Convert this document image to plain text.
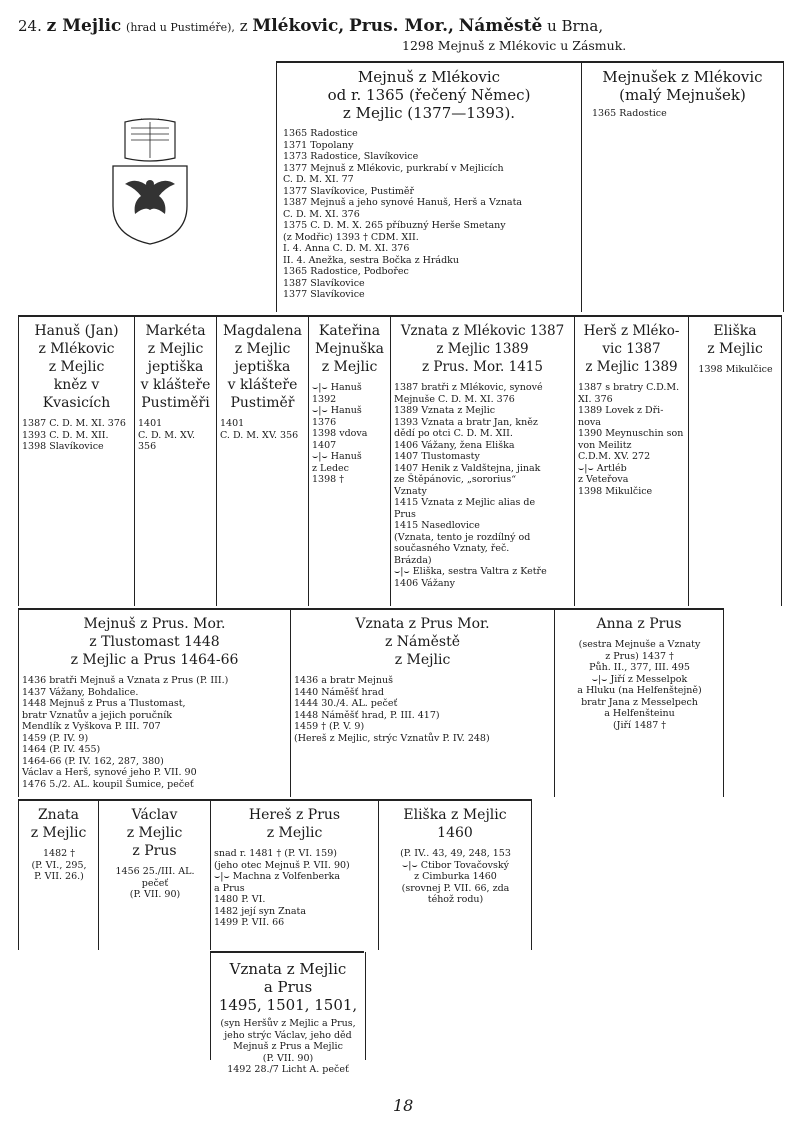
24. z Mejlic (hrad u Pustiméře), z Mlékovic, Prus. Mor., Náměstě u Brna,
1298 Mejnuš z Mlékovic u Zásmuk.
Mejnuš z Mlékovic
od r. 1365 (řečený Němec)
z Mejlic (1377—1393).
1365 Radostice
1371 Topolany
1373 Radostice, Slavíkovice
1377 Mejnuš z Mlékovic, purkrabí v Mejlicích
C. D. M. XI. 77
1377 Slavíkovice, Pustiměř
1387 Mejnuš a jeho synové Hanuš, Herš a Vznata
C. D. M. XI. 376
1375 C. D. M. X. 265 příbuzný Herše Smetany
(z Modřic) 1393 † CDM. XII.
I. 4. Anna C. D. M. XI. 376
II. 4. Anežka, sestra Bočka z Hrádku
1365 Radostice, Podbořec
1387 Slavíkovice
1377 Slavíkovice
Mejnušek z Mlékovic
(malý Mejnušek)
1365 Radostice
Hanuš (Jan)
z Mlékovic
z Mejlic
kněz v Kvasicích
1387 C. D. M. XI. 376
1393 C. D. M. XII.
1398 Slavíkovice
Markéta
z Mejlic
jeptiška
v klášteře
Pustiměři
1401
C. D. M. XV.
356
Magdalena
z Mejlic
jeptiška
v klášteře
Pustiměř
1401
C. D. M. XV. 356
Kateřina
Mejnuška
z Mejlic
⌣|⌣ Hanuš
1392
⌣|⌣ Hanuš
1376
1398 vdova
1407
⌣|⌣ Hanuš
z Ledec
1398 †
Vznata z Mlékovic 1387
z Mejlic 1389
z Prus. Mor. 1415
1387 bratři z Mlékovic, synové
Mejnuše C. D. M. XI. 376
1389 Vznata z Mejlic
1393 Vznata a bratr Jan, kněz
dědí po otci C. D. M. XII.
1406 Vážany, žena Eliška
1407 Tlustomasty
1407 Henik z Valdštejna, jinak
ze Štěpánovic, „sororius“
Vznaty
1415 Vznata z Mejlic alias de
Prus
1415 Nasedlovice
(Vznata, tento je rozdílný od
současného Vznaty, řeč.
Brázda)
⌣|⌣ Eliška, sestra Valtra z Ketře
1406 Vážany
Herš z Mléko-
vic 1387
z Mejlic 1389
1387 s bratry C.D.M.
XI. 376
1389 Lovek z Dři-
nova
1390 Meynuschin son
von Meilitz
C.D.M. XV. 272
⌣|⌣ Artléb
z Veteřova
1398 Mikulčice
Eliška
z Mejlic
1398 Mikulčice
Mejnuš z Prus. Mor.
z Tlustomast 1448
z Mejlic a Prus 1464-66
1436 bratři Mejnuš a Vznata z Prus (P. III.)
1437 Vážany, Bohdalice.
1448 Mejnuš z Prus a Tlustomast,
bratr Vznatův a jejich poručník
Mendlík z Vyškova P. III. 707
1459 (P. IV. 9)
1464 (P. IV. 455)
1464-66 (P. IV. 162, 287, 380)
Václav a Herš, synové jeho P. VII. 90
1476 5./2. AL. koupil Šumice, pečeť
Vznata z Prus Mor.
z Náměstě
z Mejlic
1436 a bratr Mejnuš
1440 Náměšť hrad
1444 30./4. AL. pečeť
1448 Náměšť hrad, P. III. 417)
1459 † (P. V. 9)
(Hereš z Mejlic, strýc Vznatův P. IV. 248)
Anna z Prus
(sestra Mejnuše a Vznaty
z Prus) 1437 †
Půh. II., 377, III. 495
⌣|⌣ Jiří z Messelpok
a Hluku (na Helfenštejně)
bratr Jana z Messelpech
a Helfenšteinu
(Jiří 1487 †
Znata
z Mejlic
1482 †
(P. VI., 295,
P. VII. 26.)
Václav
z Mejlic
z Prus
1456 25./III. AL.
pečeť
(P. VII. 90)
Hereš z Prus
z Mejlic
snad r. 1481 † (P. VI. 159)
(jeho otec Mejnuš P. VII. 90)
⌣|⌣ Machna z Volfenberka
a Prus
1480 P. VI.
1482 její syn Znata
1499 P. VII. 66
Eliška z Mejlic
1460
(P. IV.. 43, 49, 248, 153
⌣|⌣ Ctibor Tovačovský
z Cimburka 1460
(srovnej P. VII. 66, zda
téhož rodu)
Vznata z Mejlic
a Prus
1495, 1501, 1501,
(syn Heršův z Mejlic a Prus,
jeho strýc Václav, jeho děd
Mejnuš z Prus a Mejlic
(P. VII. 90)
1492 28./7 Licht A. pečeť
18
